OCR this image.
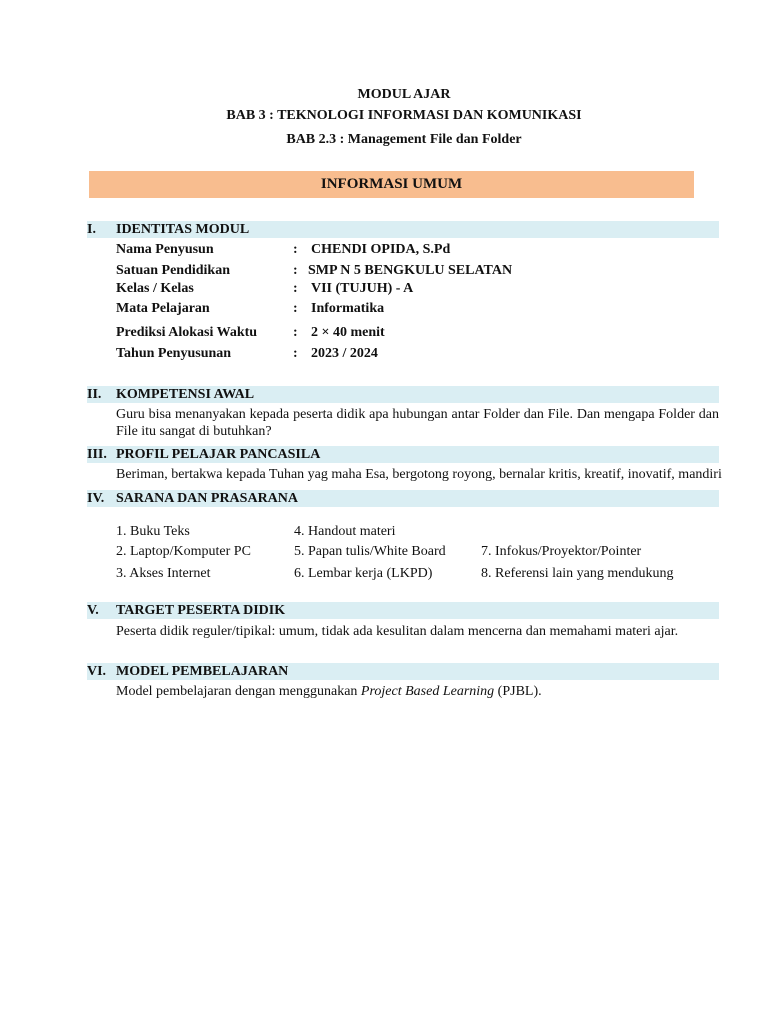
MODUL AJAR
BAB 3 : TEKNOLOGI INFORMASI DAN KOMUNIKASI
BAB 2.3 : Management File dan Folder
INFORMASI UMUM
I. IDENTITAS MODUL
Nama Penyusun	: CHENDI OPIDA, S.Pd
Satuan Pendidikan	: SMP N 5 BENGKULU SELATAN
Kelas / Kelas	: VII (TUJUH) - A
Mata Pelajaran	: Informatika
Prediksi Alokasi Waktu	: 2 × 40 menit
Tahun Penyusunan	: 2023 / 2024
II. KOMPETENSI AWAL
Guru bisa menanyakan kepada peserta didik apa hubungan antar Folder dan File. Dan mengapa Folder dan File itu sangat di butuhkan?
III. PROFIL PELAJAR PANCASILA
Beriman, bertakwa kepada Tuhan yag maha Esa, bergotong royong, bernalar kritis, kreatif, inovatif, mandiri
IV. SARANA DAN PRASARANA
1. Buku Teks
2. Laptop/Komputer PC
3. Akses Internet
4. Handout materi
5. Papan tulis/White Board
6. Lembar kerja (LKPD)
7. Infokus/Proyektor/Pointer
8. Referensi lain yang mendukung
V. TARGET PESERTA DIDIK
Peserta didik reguler/tipikal: umum, tidak ada kesulitan dalam mencerna dan memahami materi ajar.
VI. MODEL PEMBELAJARAN
Model pembelajaran dengan menggunakan Project Based Learning (PJBL).
